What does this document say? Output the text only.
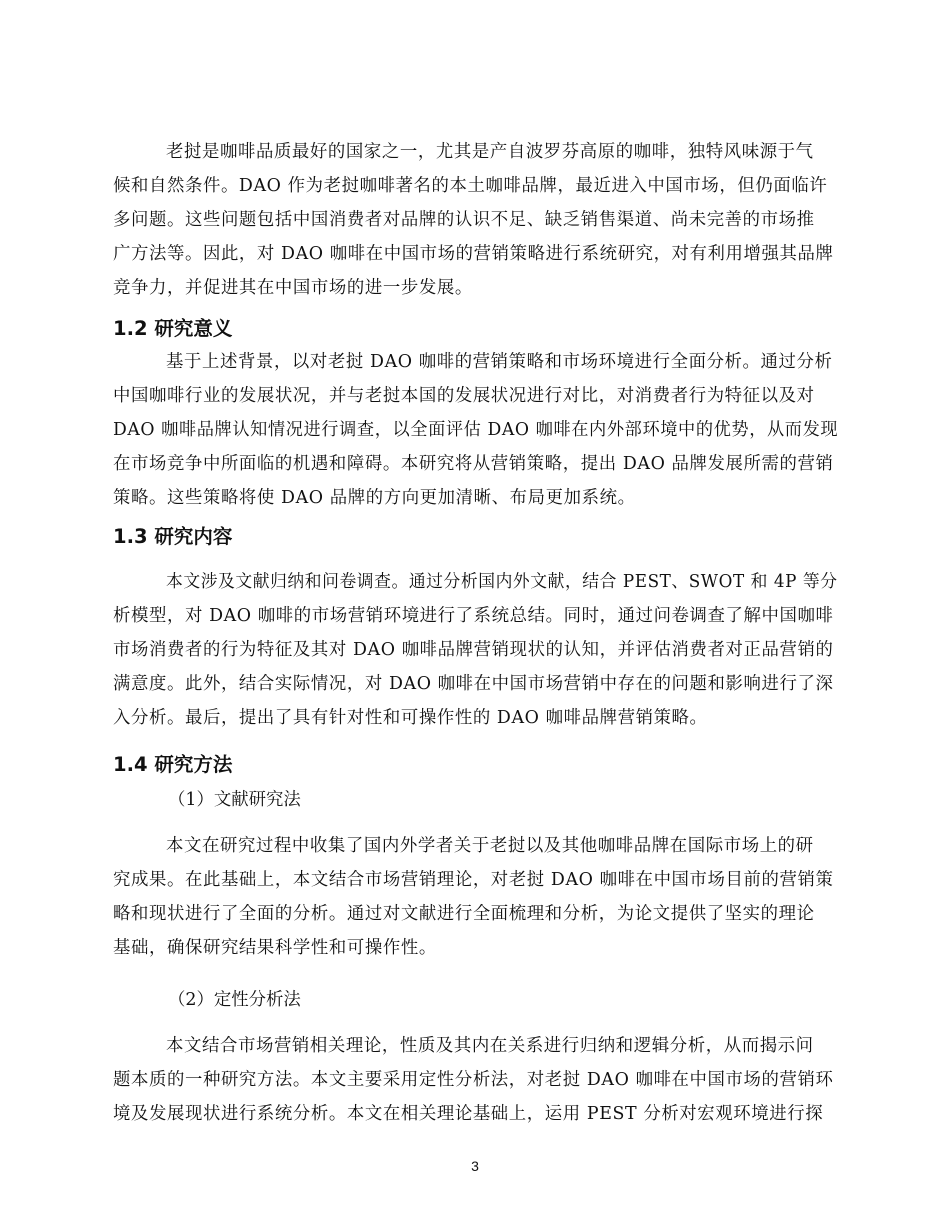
老挝是咖啡品质最好的国家之一，尤其是产自波罗芬高原的咖啡，独特风味源于气
候和自然条件。DAO 作为老挝咖啡著名的本土咖啡品牌，最近进入中国市场，但仍面临许
多问题。这些问题包括中国消费者对品牌的认识不足、缺乏销售渠道、尚未完善的市场推
广方法等。因此，对 DAO 咖啡在中国市场的营销策略进行系统研究，对有利用增强其品牌
竞争力，并促进其在中国市场的进一步发展。
1.2 研究意义
基于上述背景，以对老挝 DAO 咖啡的营销策略和市场环境进行全面分析。通过分析
中国咖啡行业的发展状况，并与老挝本国的发展状况进行对比，对消费者行为特征以及对
DAO 咖啡品牌认知情况进行调查，以全面评估 DAO 咖啡在内外部环境中的优势，从而发现
在市场竞争中所面临的机遇和障碍。本研究将从营销策略，提出 DAO 品牌发展所需的营销
策略。这些策略将使 DAO 品牌的方向更加清晰、布局更加系统。
1.3 研究内容
本文涉及文献归纳和问卷调查。通过分析国内外文献，结合 PEST、SWOT 和 4P 等分
析模型，对 DAO 咖啡的市场营销环境进行了系统总结。同时，通过问卷调查了解中国咖啡
市场消费者的行为特征及其对 DAO 咖啡品牌营销现状的认知，并评估消费者对正品营销的
满意度。此外，结合实际情况，对 DAO 咖啡在中国市场营销中存在的问题和影响进行了深
入分析。最后，提出了具有针对性和可操作性的 DAO 咖啡品牌营销策略。
1.4 研究方法
（1）文献研究法
本文在研究过程中收集了国内外学者关于老挝以及其他咖啡品牌在国际市场上的研
究成果。在此基础上，本文结合市场营销理论，对老挝 DAO 咖啡在中国市场目前的营销策
略和现状进行了全面的分析。通过对文献进行全面梳理和分析，为论文提供了坚实的理论
基础，确保研究结果科学性和可操作性。
（2）定性分析法
本文结合市场营销相关理论，性质及其内在关系进行归纳和逻辑分析，从而揭示问
题本质的一种研究方法。本文主要采用定性分析法，对老挝 DAO 咖啡在中国市场的营销环
境及发展现状进行系统分析。本文在相关理论基础上，运用 PEST 分析对宏观环境进行探
3
